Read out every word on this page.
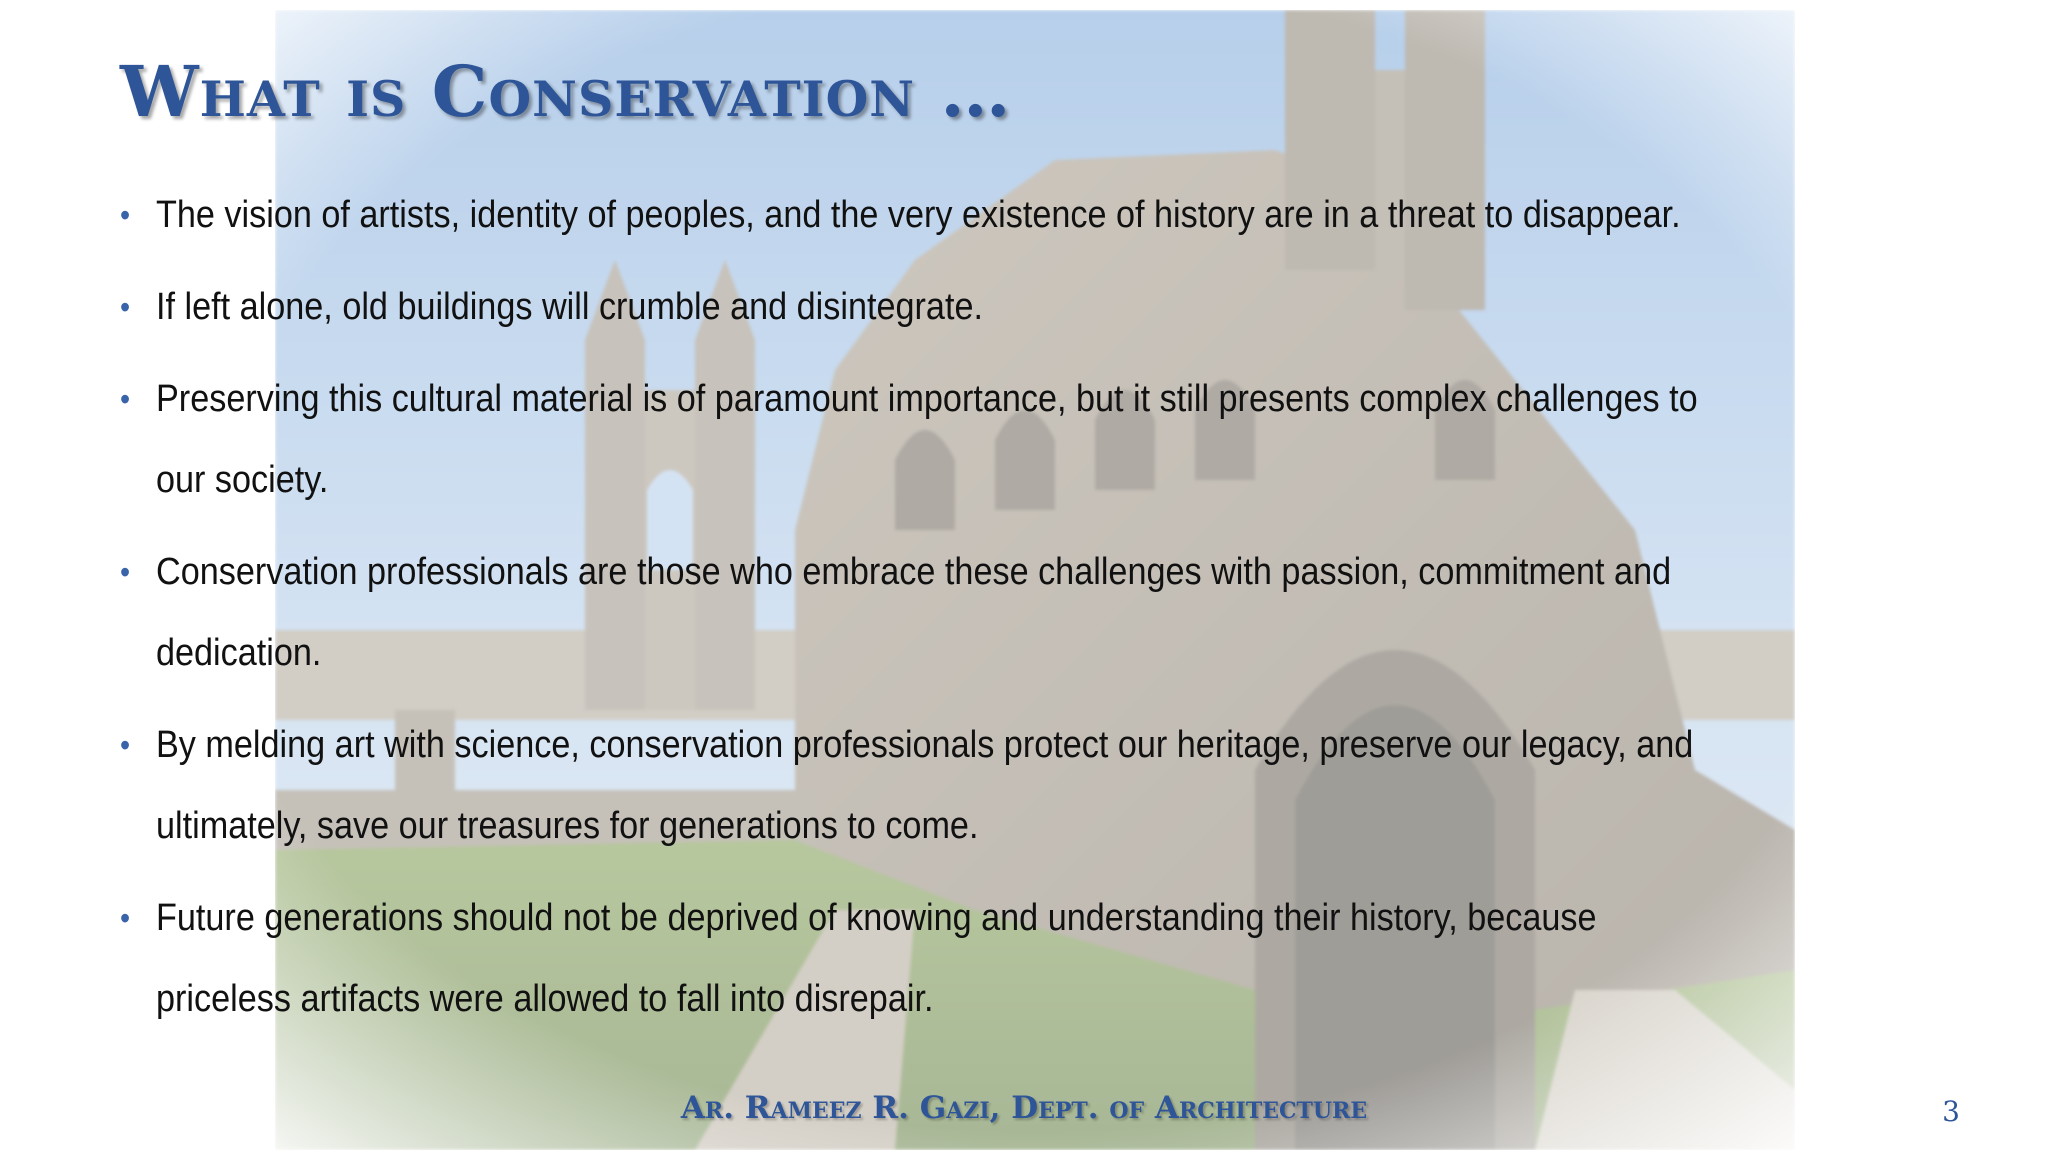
What is Conservation …
• The vision of artists, identity of peoples, and the very existence of history are in a threat to disappear.
• If left alone, old buildings will crumble and disintegrate.
• Preserving this cultural material is of paramount importance, but it still presents complex challenges to our society.
• Conservation professionals are those who embrace these challenges with passion, commitment and dedication.
• By melding art with science, conservation professionals protect our heritage, preserve our legacy, and ultimately, save our treasures for generations to come.
• Future generations should not be deprived of knowing and understanding their history, because priceless artifacts were allowed to fall into disrepair.
Ar. Rameez R. Gazi, Dept. of Architecture	3
